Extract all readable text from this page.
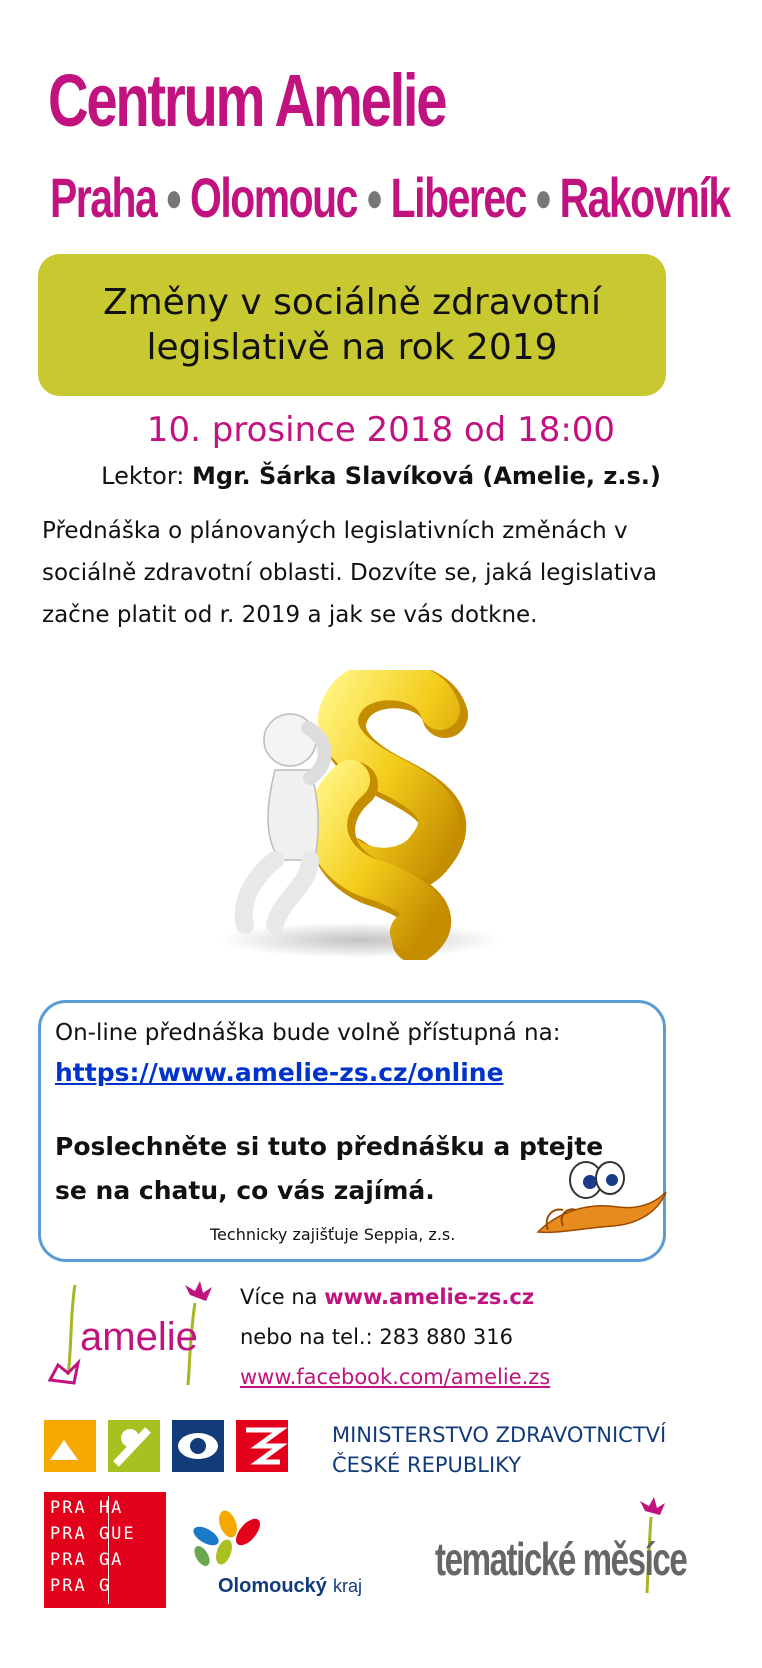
Centrum Amelie
Praha ● Olomouc ● Liberec ● Rakovník
Změny v sociálně zdravotní
legislativě na rok 2019
10. prosince 2018 od 18:00
Lektor: Mgr. Šárka Slavíková (Amelie, z.s.)
Přednáška o plánovaných legislativních změnách v sociálně zdravotní oblasti. Dozvíte se, jaká legislativa začne platit od r. 2019 a jak se vás dotkne.
On-line přednáška bude volně přístupná na:
https://www.amelie-zs.cz/online
Poslechněte si tuto přednášku a ptejte se na chatu, co vás zajímá.
Technicky zajišťuje Seppia, z.s.
amelie
Více na www.amelie-zs.cz
nebo na tel.: 283 880 316
www.facebook.com/amelie.zs
MINISTERSTVO ZDRAVOTNICTVÍ
ČESKÉ REPUBLIKY
PRA HA
PRA GUE
PRA GA
PRA G	Olomoucký kraj
tematické měsíce
